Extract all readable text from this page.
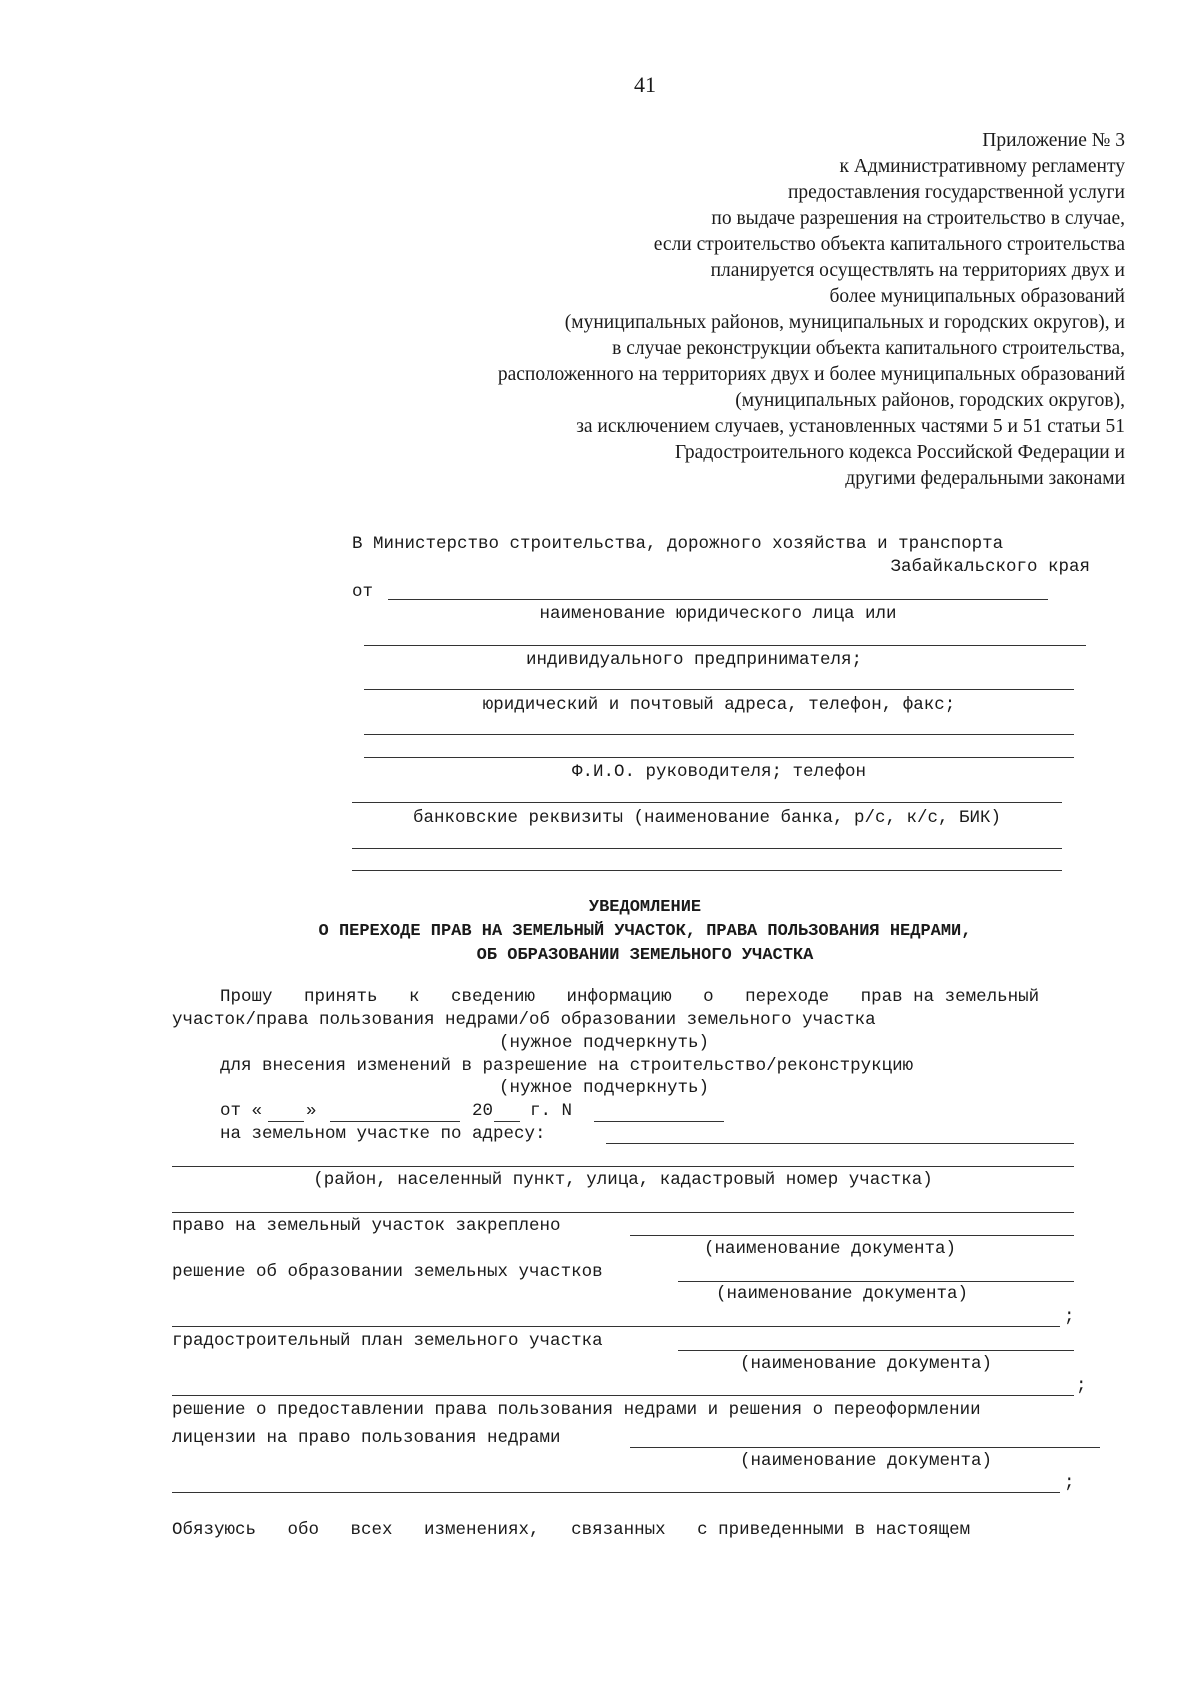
41
Приложение № 3
к Административному регламенту
предоставления государственной услуги
по выдаче разрешения на строительство в случае,
если строительство объекта капитального строительства
планируется осуществлять на территориях двух и
более муниципальных образований
(муниципальных районов, муниципальных и городских округов), и
в случае реконструкции объекта капитального строительства,
расположенного на территориях двух и более муниципальных образований
(муниципальных районов, городских округов),
за исключением случаев, установленных частями 5 и 51 статьи 51
Градостроительного кодекса Российской Федерации и
другими федеральными законами
В Министерство строительства, дорожного хозяйства и транспорта
Забайкальского края
от
наименование юридического лица или
индивидуального предпринимателя;
юридический и почтовый адреса, телефон, факс;
Ф.И.О. руководителя; телефон
банковские реквизиты (наименование банка, р/с, к/с, БИК)
УВЕДОМЛЕНИЕ
О ПЕРЕХОДЕ ПРАВ НА ЗЕМЕЛЬНЫЙ УЧАСТОК, ПРАВА ПОЛЬЗОВАНИЯ НЕДРАМИ,
ОБ ОБРАЗОВАНИИ ЗЕМЕЛЬНОГО УЧАСТКА
Прошу   принять   к   сведению   информацию   о   переходе   прав на земельный
участок/права пользования недрами/об образовании земельного участка
(нужное подчеркнуть)
для внесения изменений в разрешение на строительство/реконструкцию
(нужное подчеркнуть)
от «	»	20 г. N
на земельном участке по адресу:
(район, населенный пункт, улица, кадастровый номер участка)
право на земельный участок закреплено
(наименование документа)
решение об образовании земельных участков
(наименование документа)
;
градостроительный план земельного участка
(наименование документа)
;
решение о предоставлении права пользования недрами и решения о переоформлении
лицензии на право пользования недрами
(наименование документа)
;
Обязуюсь   обо   всех   изменениях,   связанных   с приведенными в настоящем
